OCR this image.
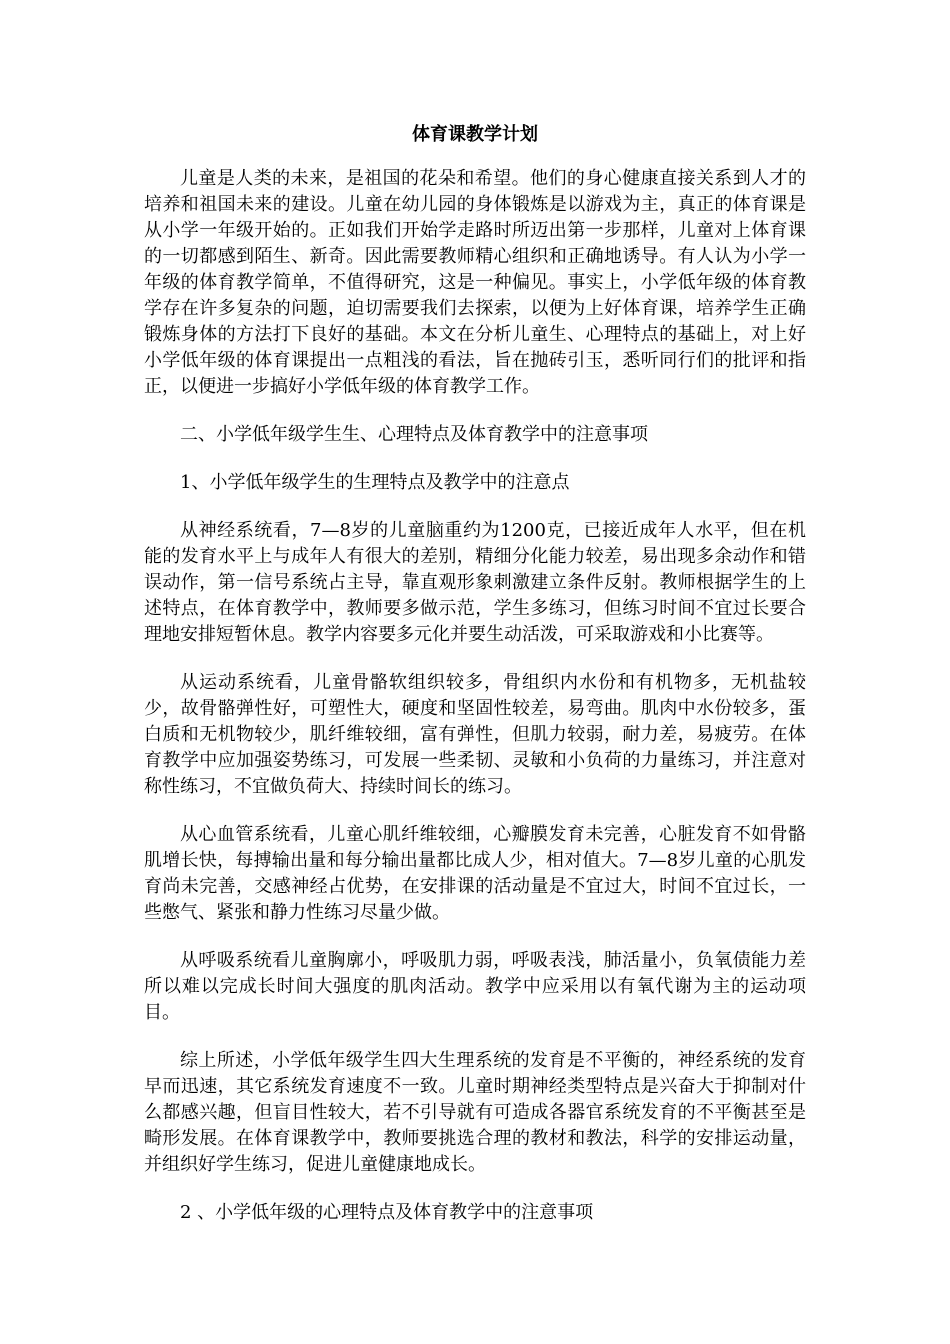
体育课教学计划

儿童是人类的未来，是祖国的花朵和希望。他们的身心健康直接关系到人才的培养和祖国未来的建设。儿童在幼儿园的身体锻炼是以游戏为主，真正的体育课是从小学一年级开始的。正如我们开始学走路时所迈出第一步那样，儿童对上体育课的一切都感到陌生、新奇。因此需要教师精心组织和正确地诱导。有人认为小学一年级的体育教学简单，不值得研究，这是一种偏见。事实上，小学低年级的体育教学存在许多复杂的问题，迫切需要我们去探索，以便为上好体育课，培养学生正确锻炼身体的方法打下良好的基础。本文在分析儿童生、心理特点的基础上，对上好小学低年级的体育课提出一点粗浅的看法，旨在抛砖引玉，悉听同行们的批评和指正，以便进一步搞好小学低年级的体育教学工作。

二、小学低年级学生生、心理特点及体育教学中的注意事项

1、小学低年级学生的生理特点及教学中的注意点

从神经系统看，7—8岁的儿童脑重约为1200克，已接近成年人水平，但在机能的发育水平上与成年人有很大的差别，精细分化能力较差，易出现多余动作和错误动作，第一信号系统占主导，靠直观形象刺激建立条件反射。教师根据学生的上述特点，在体育教学中，教师要多做示范，学生多练习，但练习时间不宜过长要合理地安排短暂休息。教学内容要多元化并要生动活泼，可采取游戏和小比赛等。

从运动系统看，儿童骨骼软组织较多，骨组织内水份和有机物多，无机盐较少，故骨骼弹性好，可塑性大，硬度和坚固性较差，易弯曲。肌肉中水份较多，蛋白质和无机物较少，肌纤维较细，富有弹性，但肌力较弱，耐力差，易疲劳。在体育教学中应加强姿势练习，可发展一些柔韧、灵敏和小负荷的力量练习，并注意对称性练习，不宜做负荷大、持续时间长的练习。

从心血管系统看，儿童心肌纤维较细，心瓣膜发育未完善，心脏发育不如骨骼肌增长快，每搏输出量和每分输出量都比成人少，相对值大。7—8岁儿童的心肌发育尚未完善，交感神经占优势，在安排课的活动量是不宜过大，时间不宜过长，一些憋气、紧张和静力性练习尽量少做。

从呼吸系统看儿童胸廓小，呼吸肌力弱，呼吸表浅，肺活量小，负氧债能力差所以难以完成长时间大强度的肌肉活动。教学中应采用以有氧代谢为主的运动项目。

综上所述，小学低年级学生四大生理系统的发育是不平衡的，神经系统的发育早而迅速，其它系统发育速度不一致。儿童时期神经类型特点是兴奋大于抑制对什么都感兴趣，但盲目性较大，若不引导就有可造成各器官系统发育的不平衡甚至是畸形发展。在体育课教学中，教师要挑选合理的教材和教法，科学的安排运动量，并组织好学生练习，促进儿童健康地成长。

2 、小学低年级的心理特点及体育教学中的注意事项
